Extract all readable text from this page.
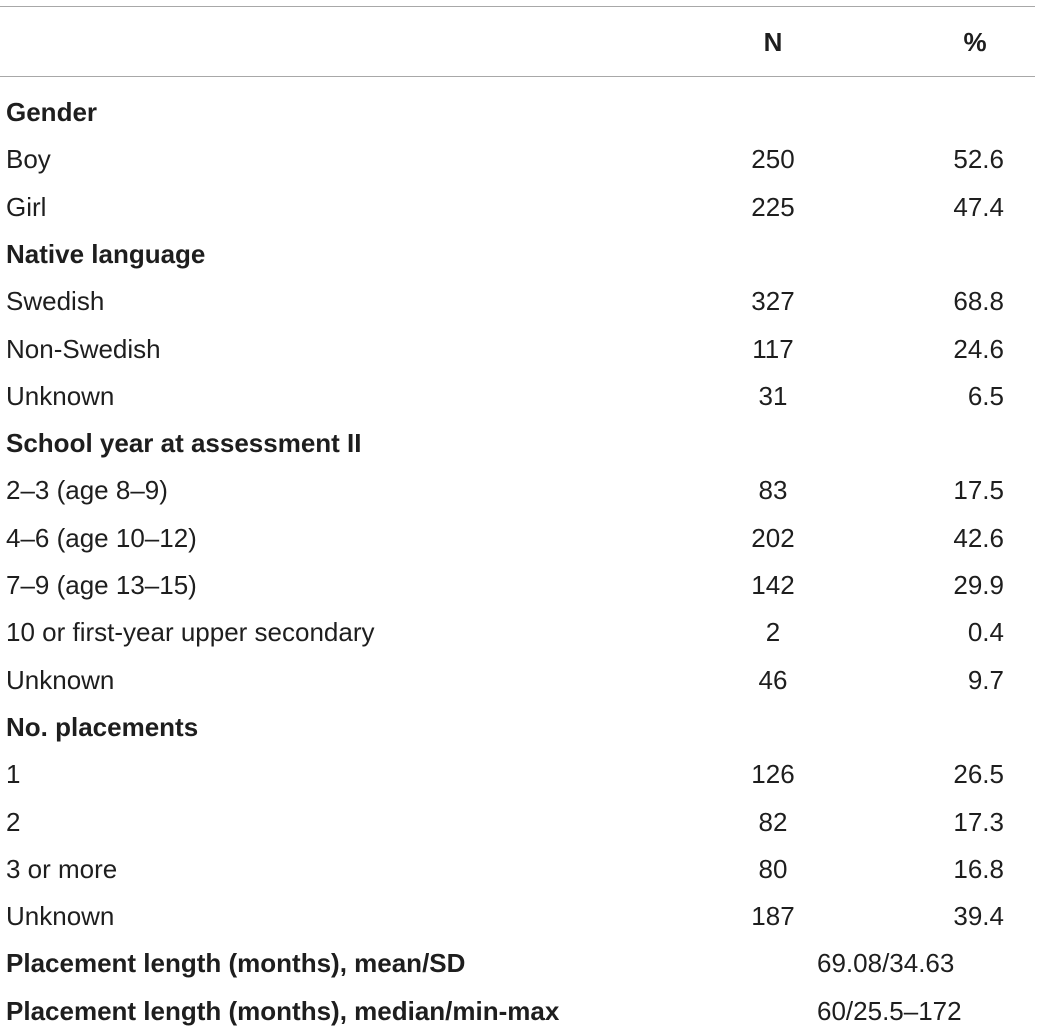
N	%
Gender
Boy	250	52.6
Girl	225	47.4
Native language
Swedish	327	68.8
Non-Swedish	117	24.6
Unknown	31	6.5
School year at assessment II
2–3 (age 8–9)	83	17.5
4–6 (age 10–12)	202	42.6
7–9 (age 13–15)	142	29.9
10 or first-year upper secondary	2	0.4
Unknown	46	9.7
No. placements
1	126	26.5
2	82	17.3
3 or more	80	16.8
Unknown	187	39.4
Placement length (months), mean/SD	69.08/34.63
Placement length (months), median/min-max	60/25.5–172
